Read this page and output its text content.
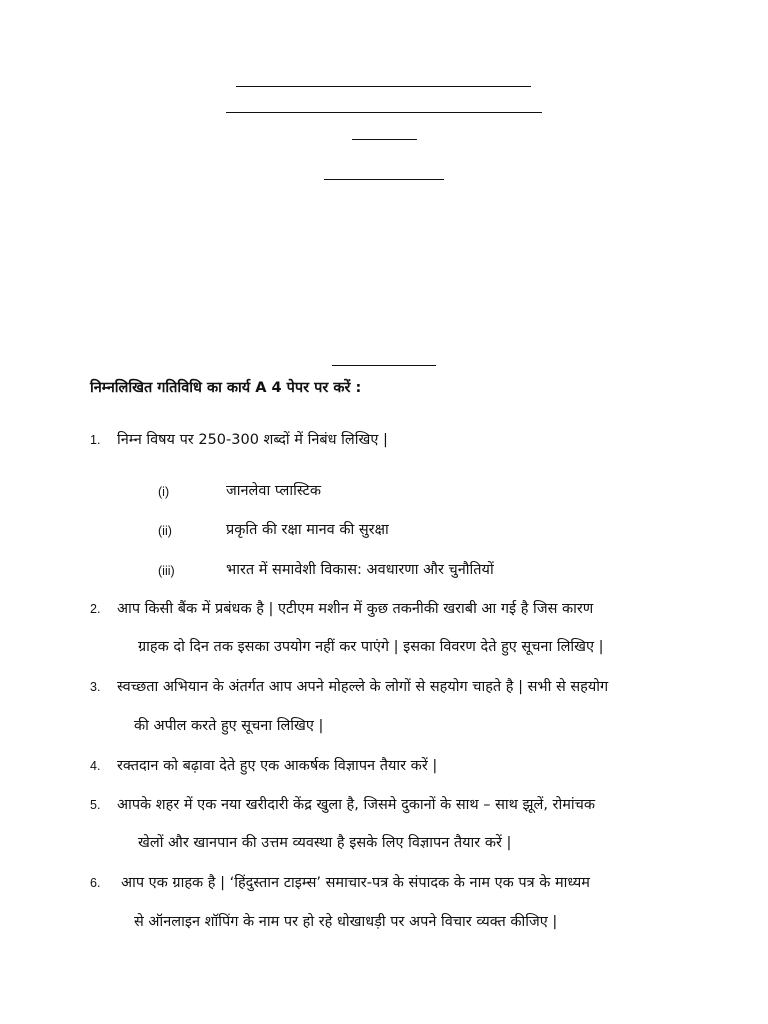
निम्नलिखित गतिविधि का कार्य A 4 पेपर पर करें :
1. निम्न विषय पर 250-300 शब्दों में निबंध लिखिए |
(i)	जानलेवा प्लास्टिक
(ii)	प्रकृति की रक्षा मानव की सुरक्षा
(iii)	भारत में समावेशी विकास: अवधारणा और चुनौतियों
2. आप किसी बैंक में प्रबंधक है | एटीएम मशीन में कुछ तकनीकी खराबी आ गई है जिस कारण
ग्राहक दो दिन तक इसका उपयोग नहीं कर पाएंगे | इसका विवरण देते हुए सूचना लिखिए |
3. स्वच्छता अभियान के अंतर्गत आप अपने मोहल्ले के लोगों से सहयोग चाहते है | सभी से सहयोग
की अपील करते हुए सूचना लिखिए |
4. रक्तदान को बढ़ावा देते हुए एक आकर्षक विज्ञापन तैयार करें |
5. आपके शहर में एक नया खरीदारी केंद्र खुला है, जिसमे दुकानों के साथ – साथ झूलें, रोमांचक
खेलों और खानपान की उत्तम व्यवस्था है इसके लिए विज्ञापन तैयार करें |
6. आप एक ग्राहक है | ‘हिंदुस्तान टाइम्स’ समाचार-पत्र के संपादक के नाम एक पत्र के माध्यम
से ऑनलाइन शॉपिंग के नाम पर हो रहे धोखाधड़ी पर अपने विचार व्यक्त कीजिए |
